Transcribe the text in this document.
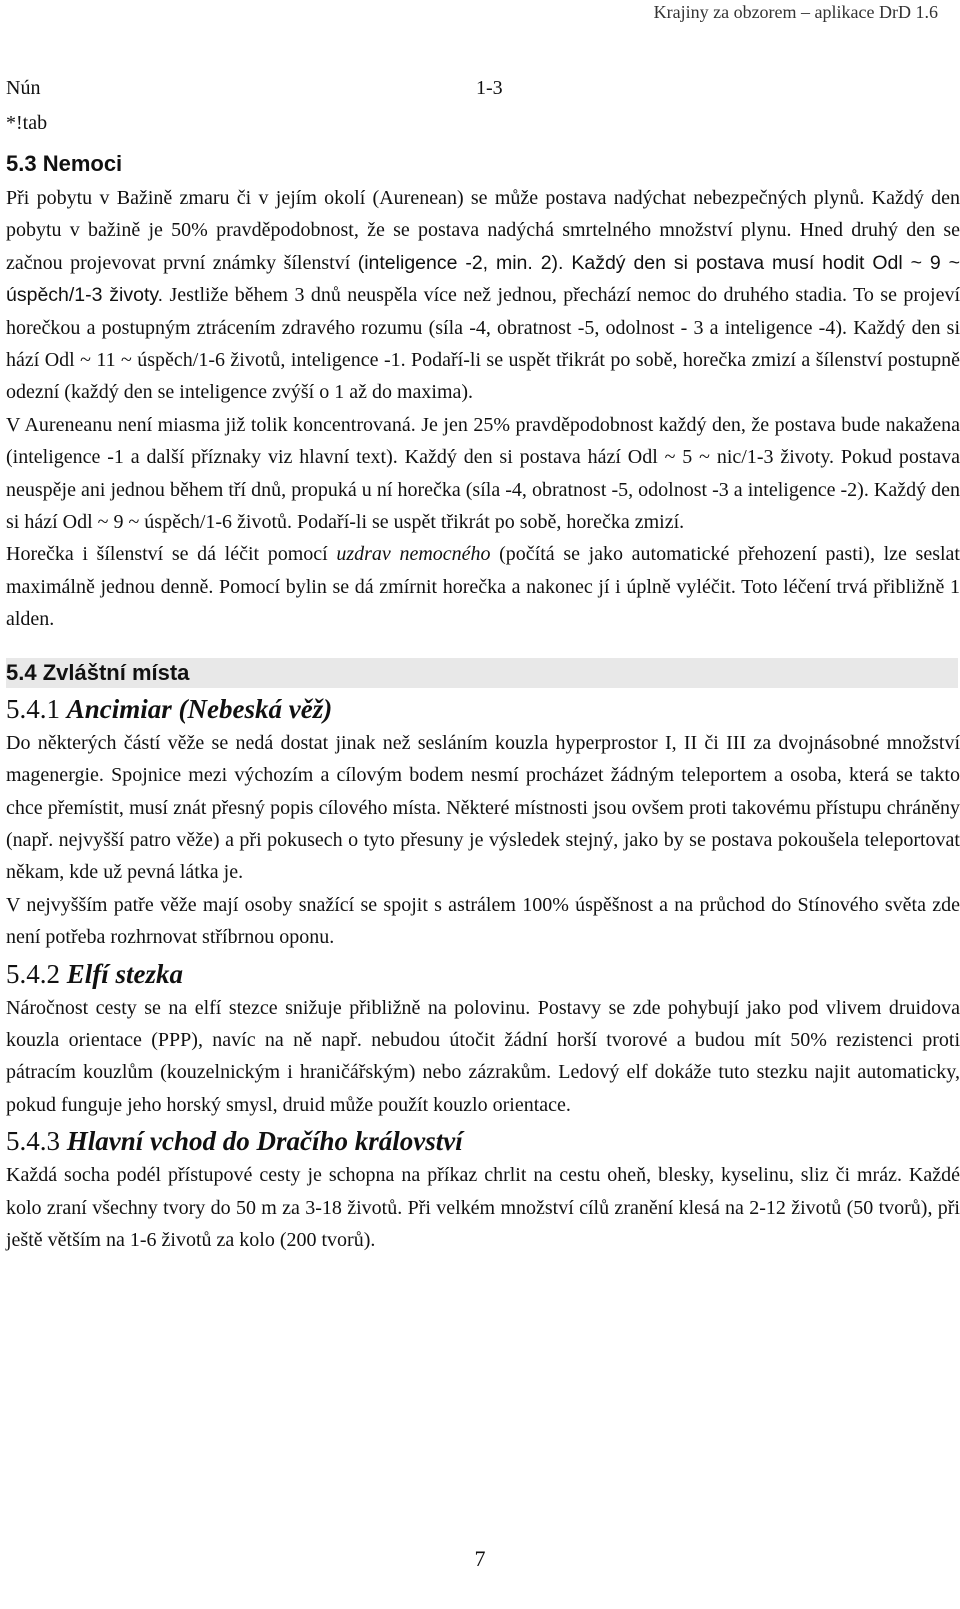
Krajiny za obzorem – aplikace DrD 1.6
Nún	1-3
*!tab
5.3 Nemoci

Při pobytu v Bažině zmaru či v jejím okolí (Aurenean) se může postava nadýchat nebezpečných plynů. Každý den pobytu v bažině je 50% pravděpodobnost, že se postava nadýchá smrtelného množství plynu. Hned druhý den se začnou projevovat první známky šílenství (inteligence -2, min. 2). Každý den si postava musí hodit Odl ~ 9 ~ úspěch/1-3 životy. Jestliže během 3 dnů neuspěla více než jednou, přechází nemoc do druhého stadia. To se projeví horečkou a postupným ztrácením zdravého rozumu (síla -4, obratnost -5, odolnost - 3 a inteligence -4). Každý den si hází Odl ~ 11 ~ úspěch/1-6 životů, inteligence -1. Podaří-li se uspět třikrát po sobě, horečka zmizí a šílenství postupně odezní (každý den se inteligence zvýší o 1 až do maxima).

V Aureneanu není miasma již tolik koncentrovaná. Je jen 25% pravděpodobnost každý den, že postava bude nakažena (inteligence -1 a další příznaky viz hlavní text). Každý den si postava hází Odl ~ 5 ~ nic/1-3 životy. Pokud postava neuspěje ani jednou během tří dnů, propuká u ní horečka (síla -4, obratnost -5, odolnost -3 a inteligence -2). Každý den si hází Odl ~ 9 ~ úspěch/1-6 životů. Podaří-li se uspět třikrát po sobě, horečka zmizí.

Horečka i šílenství se dá léčit pomocí uzdrav nemocného (počítá se jako automatické přehození pasti), lze seslat maximálně jednou denně. Pomocí bylin se dá zmírnit horečka a nakonec jí i úplně vyléčit. Toto léčení trvá přibližně 1 alden.

5.4 Zvláštní místa
5.4.1 Ancimiar (Nebeská věž)

Do některých částí věže se nedá dostat jinak než sesláním kouzla hyperprostor I, II či III za dvojnásobné množství magenergie. Spojnice mezi výchozím a cílovým bodem nesmí procházet žádným teleportem a osoba, která se takto chce přemístit, musí znát přesný popis cílového místa. Některé místnosti jsou ovšem proti takovému přístupu chráněny (např. nejvyšší patro věže) a při pokusech o tyto přesuny je výsledek stejný, jako by se postava pokoušela teleportovat někam, kde už pevná látka je.

V nejvyšším patře věže mají osoby snažící se spojit s astrálem 100% úspěšnost a na průchod do Stínového světa zde není potřeba rozhrnovat stříbrnou oponu.

5.4.2 Elfí stezka

Náročnost cesty se na elfí stezce snižuje přibližně na polovinu. Postavy se zde pohybují jako pod vlivem druidova kouzla orientace (PPP), navíc na ně např. nebudou útočit žádní horší tvorové a budou mít 50% rezistenci proti pátracím kouzlům (kouzelnickým i hraničářským) nebo zázrakům. Ledový elf dokáže tuto stezku najit automaticky, pokud funguje jeho horský smysl, druid může použít kouzlo orientace.

5.4.3 Hlavní vchod do Dračího království

Každá socha podél přístupové cesty je schopna na příkaz chrlit na cestu oheň, blesky, kyselinu, sliz či mráz. Každé kolo zraní všechny tvory do 50 m za 3-18 životů. Při velkém množství cílů zranění klesá na 2-12 životů (50 tvorů), při ještě větším na 1-6 životů za kolo (200 tvorů).

7
